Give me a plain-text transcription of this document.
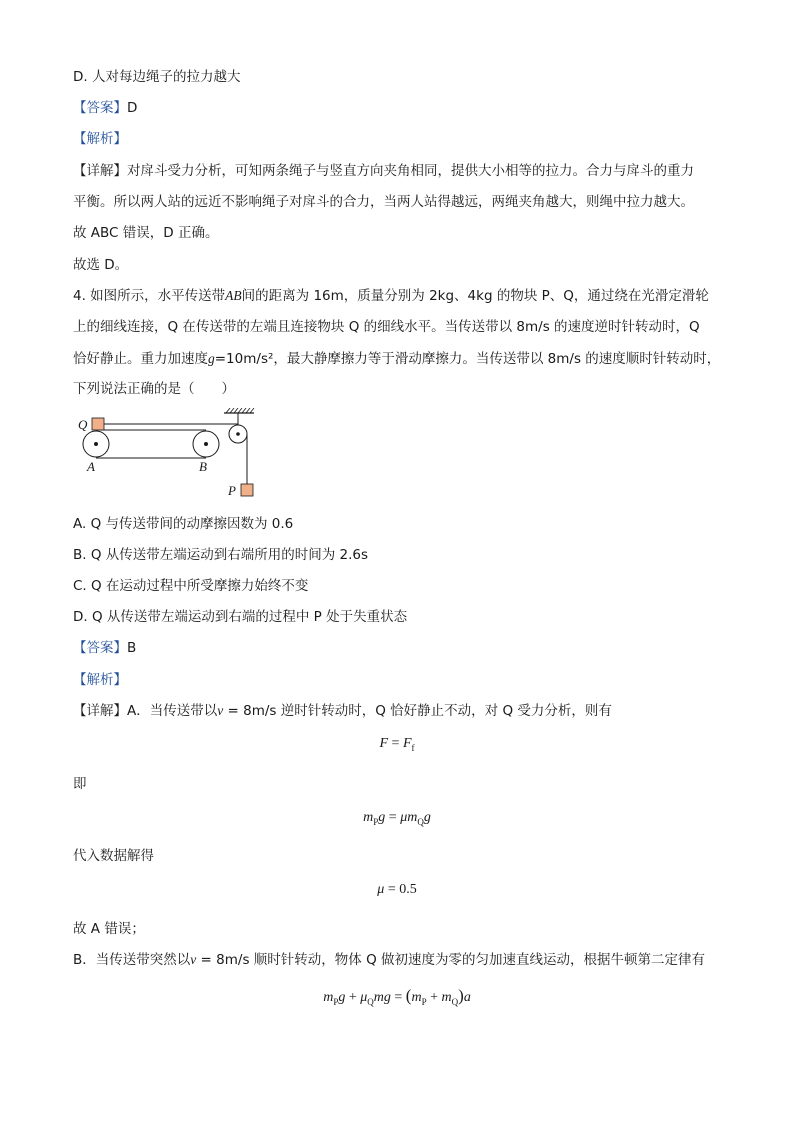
D. 人对每边绳子的拉力越大
【答案】D
【解析】
【详解】对戽斗受力分析，可知两条绳子与竖直方向夹角相同，提供大小相等的拉力。合力与戽斗的重力
平衡。所以两人站的远近不影响绳子对戽斗的合力，当两人站得越远，两绳夹角越大，则绳中拉力越大。
故 ABC 错误，D 正确。
故选 D。
4. 如图所示，水平传送带AB间的距离为 16m，质量分别为 2kg、4kg 的物块 P、Q，通过绕在光滑定滑轮
上的细线连接，Q 在传送带的左端且连接物块 Q 的细线水平。当传送带以 8m/s 的速度逆时针转动时，Q
恰好静止。重力加速度g=10m/s²，最大静摩擦力等于滑动摩擦力。当传送带以 8m/s 的速度顺时针转动时，
下列说法正确的是（　　）
Q
A	B
P
A. Q 与传送带间的动摩擦因数为 0.6
B. Q 从传送带左端运动到右端所用的时间为 2.6s
C. Q 在运动过程中所受摩擦力始终不变
D. Q 从传送带左端运动到右端的过程中 P 处于失重状态
【答案】B
【解析】
【详解】A．当传送带以v = 8m/s 逆时针转动时，Q 恰好静止不动，对 Q 受力分析，则有
$F = F_f$
即
$m_Pg = \mu m_Qg$
代入数据解得
μ = 0.5
故 A 错误；
B．当传送带突然以v = 8m/s 顺时针转动，物体 Q 做初速度为零的匀加速直线运动，根据牛顿第二定律有
$m_Pg + \mu_Qmg = (m_P + m_Q)a$
